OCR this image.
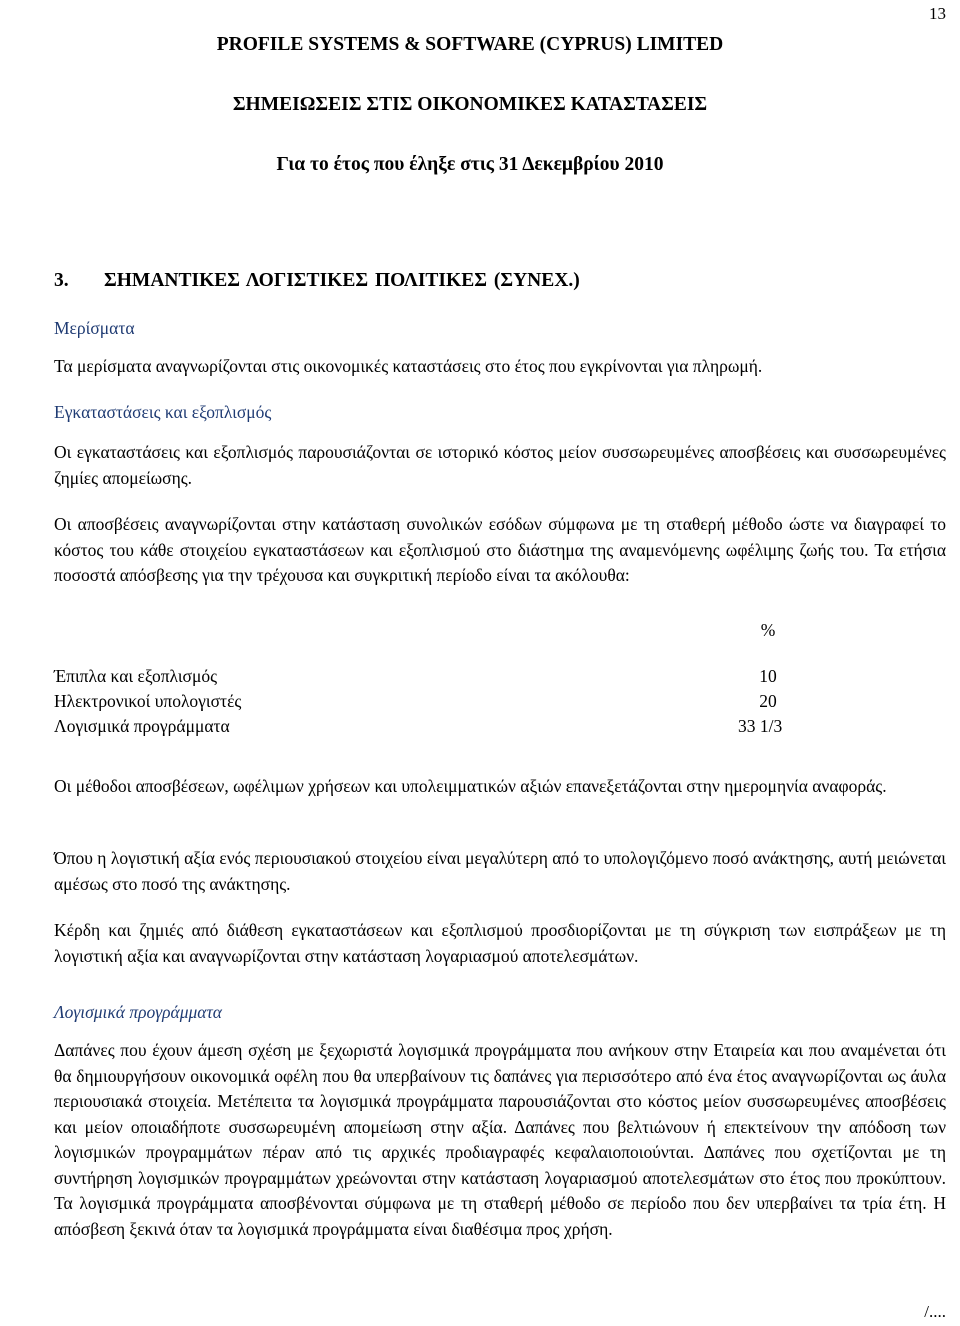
13
PROFILE SYSTEMS & SOFTWARE (CYPRUS) LIMITED
ΣΗΜΕΙΩΣΕΙΣ ΣΤΙΣ ΟΙΚΟΝΟΜΙΚΕΣ ΚΑΤΑΣΤΑΣΕΙΣ
Για το έτος που έληξε στις 31 Δεκεμβρίου 2010
3. ΣΗΜΑΝΤΙΚΕΣ ΛΟΓΙΣΤΙΚΕΣ ΠΟΛΙΤΙΚΕΣ (ΣΥΝΕΧ.)
Μερίσματα
Τα μερίσματα αναγνωρίζονται στις οικονομικές καταστάσεις στο έτος που εγκρίνονται για πληρωμή.
Εγκαταστάσεις και εξοπλισμός
Οι εγκαταστάσεις και εξοπλισμός παρουσιάζονται σε ιστορικό κόστος μείον συσσωρευμένες αποσβέσεις και συσσωρευμένες ζημίες απομείωσης.
Οι αποσβέσεις αναγνωρίζονται στην κατάσταση συνολικών εσόδων σύμφωνα με τη σταθερή μέθοδο ώστε να διαγραφεί το κόστος του κάθε στοιχείου εγκαταστάσεων και εξοπλισμού στο διάστημα της αναμενόμενης ωφέλιμης ζωής του. Τα ετήσια ποσοστά απόσβεσης για την τρέχουσα και συγκριτική περίοδο είναι τα ακόλουθα:
%
Έπιπλα και εξοπλισμός	10
Ηλεκτρονικοί υπολογιστές	20
Λογισμικά προγράμματα	33 1/3
Οι μέθοδοι αποσβέσεων, ωφέλιμων χρήσεων και υπολειμματικών αξιών επανεξετάζονται στην ημερομηνία αναφοράς.
Όπου η λογιστική αξία ενός περιουσιακού στοιχείου είναι μεγαλύτερη από το υπολογιζόμενο ποσό ανάκτησης, αυτή μειώνεται αμέσως στο ποσό της ανάκτησης.
Κέρδη και ζημιές από διάθεση εγκαταστάσεων και εξοπλισμού προσδιορίζονται με τη σύγκριση των εισπράξεων με τη λογιστική αξία και αναγνωρίζονται στην κατάσταση λογαριασμού αποτελεσμάτων.
Λογισμικά προγράμματα
Δαπάνες που έχουν άμεση σχέση με ξεχωριστά λογισμικά προγράμματα που ανήκουν στην Εταιρεία και που αναμένεται ότι θα δημιουργήσουν οικονομικά οφέλη που θα υπερβαίνουν τις δαπάνες για περισσότερο από ένα έτος αναγνωρίζονται ως άυλα περιουσιακά στοιχεία. Μετέπειτα τα λογισμικά προγράμματα παρουσιάζονται στο κόστος μείον συσσωρευμένες αποσβέσεις και μείον οποιαδήποτε συσσωρευμένη απομείωση στην αξία. Δαπάνες που βελτιώνουν ή επεκτείνουν την απόδοση των λογισμικών προγραμμάτων πέραν από τις αρχικές προδιαγραφές κεφαλαιοποιούνται. Δαπάνες που σχετίζονται με τη συντήρηση λογισμικών προγραμμάτων χρεώνονται στην κατάσταση λογαριασμού αποτελεσμάτων στο έτος που προκύπτουν. Τα λογισμικά προγράμματα αποσβένονται σύμφωνα με τη σταθερή μέθοδο σε περίοδο που δεν υπερβαίνει τα τρία έτη. Η απόσβεση ξεκινά όταν τα λογισμικά προγράμματα είναι διαθέσιμα προς χρήση.
/....
